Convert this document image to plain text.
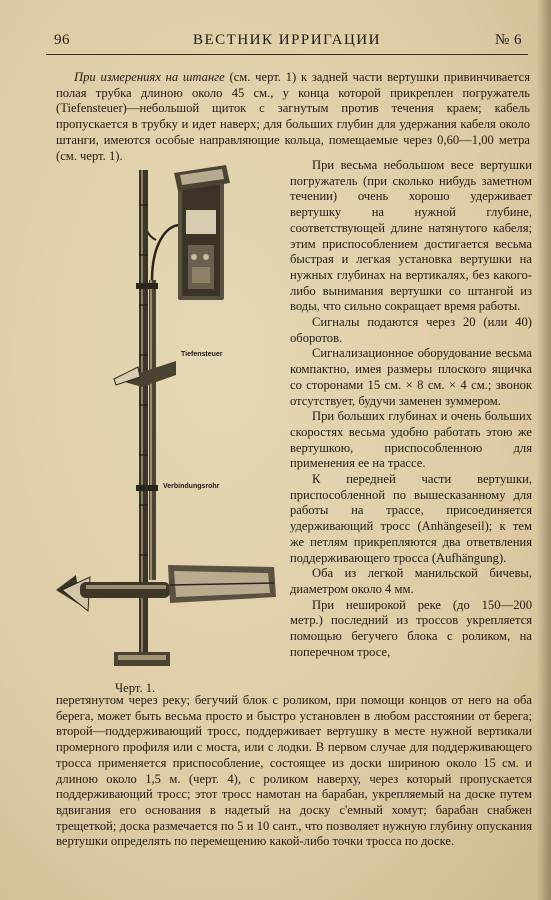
96	ВЕСТНИК ИРРИГАЦИИ	№ 6

При измерениях на штанге (см. черт. 1) к задней части вертушки привинчивается полая трубка длиною около 45 см., у конца которой прикреплен погружатель (Tiefensteuer)—небольшой щиток с загнутым против течения краем; кабель пропускается в трубку и идет наверх; для больших глубин для удержания кабеля около штанги, имеются особые направляющие кольца, помещаемые через 0,60—1,00 метра (см. черт. 1).

Tiefensteuer
Verbindungsrohr
Черт. 1.

При весьма небольшом весе вертушки погружатель (при сколько нибудь заметном течении) очень хорошо удерживает вертушку на нужной глубине, соответствующей длине натянутого кабеля; этим приспособлением достигается весьма быстрая и легкая установка вертушки на нужных глубинах на вертикалях, без какого-либо вынимания вертушки со штангой из воды, что сильно сокращает время работы.

Сигналы подаются через 20 (или 40) оборотов.

Сигнализационное оборудование весьма компактно, имея размеры плоского ящичка со сторонами 15 см. × 8 см. × 4 см.; звонок отсутствует, будучи заменен зуммером.

При больших глубинах и очень больших скоростях весьма удобно работать этою же вертушкою, приспособленною для применения ее на трассе.

К передней части вертушки, приспособленной по вышесказанному для работы на трассе, присоединяется удерживающий тросс (Anhängeseil); к тем же петлям прикрепляются два ответвления поддерживающего тросса (Aufhängung).

Оба из легкой манильской бичевы, диаметром около 4 мм.

При неширокой реке (до 150—200 метр.) последний из троссов укрепляется помощью бегучего блока с роликом, на поперечном тросе,

перетянутом через реку; бегучий блок с роликом, при помощи концов от него на оба берега, может быть весьма просто и быстро установлен в любом расстоянии от берега; второй—поддерживающий тросс, поддерживает вертушку в месте нужной вертикали промерного профиля или с моста, или с лодки. В первом случае для поддерживающего тросса применяется приспособление, состоящее из доски шириною около 15 см. и длиною около 1,5 м. (черт. 4), с роликом наверху, через который пропускается поддерживающий тросс; этот тросс намотан на барабан, укрепляемый на доске путем вдвигания его основания в надетый на доску с'емный хомут; барабан снабжен трещеткой; доска размечается по 5 и 10 сант., что позволяет нужную глубину опускания вертушки определять по перемещению какой-либо точки тросса по доске.
